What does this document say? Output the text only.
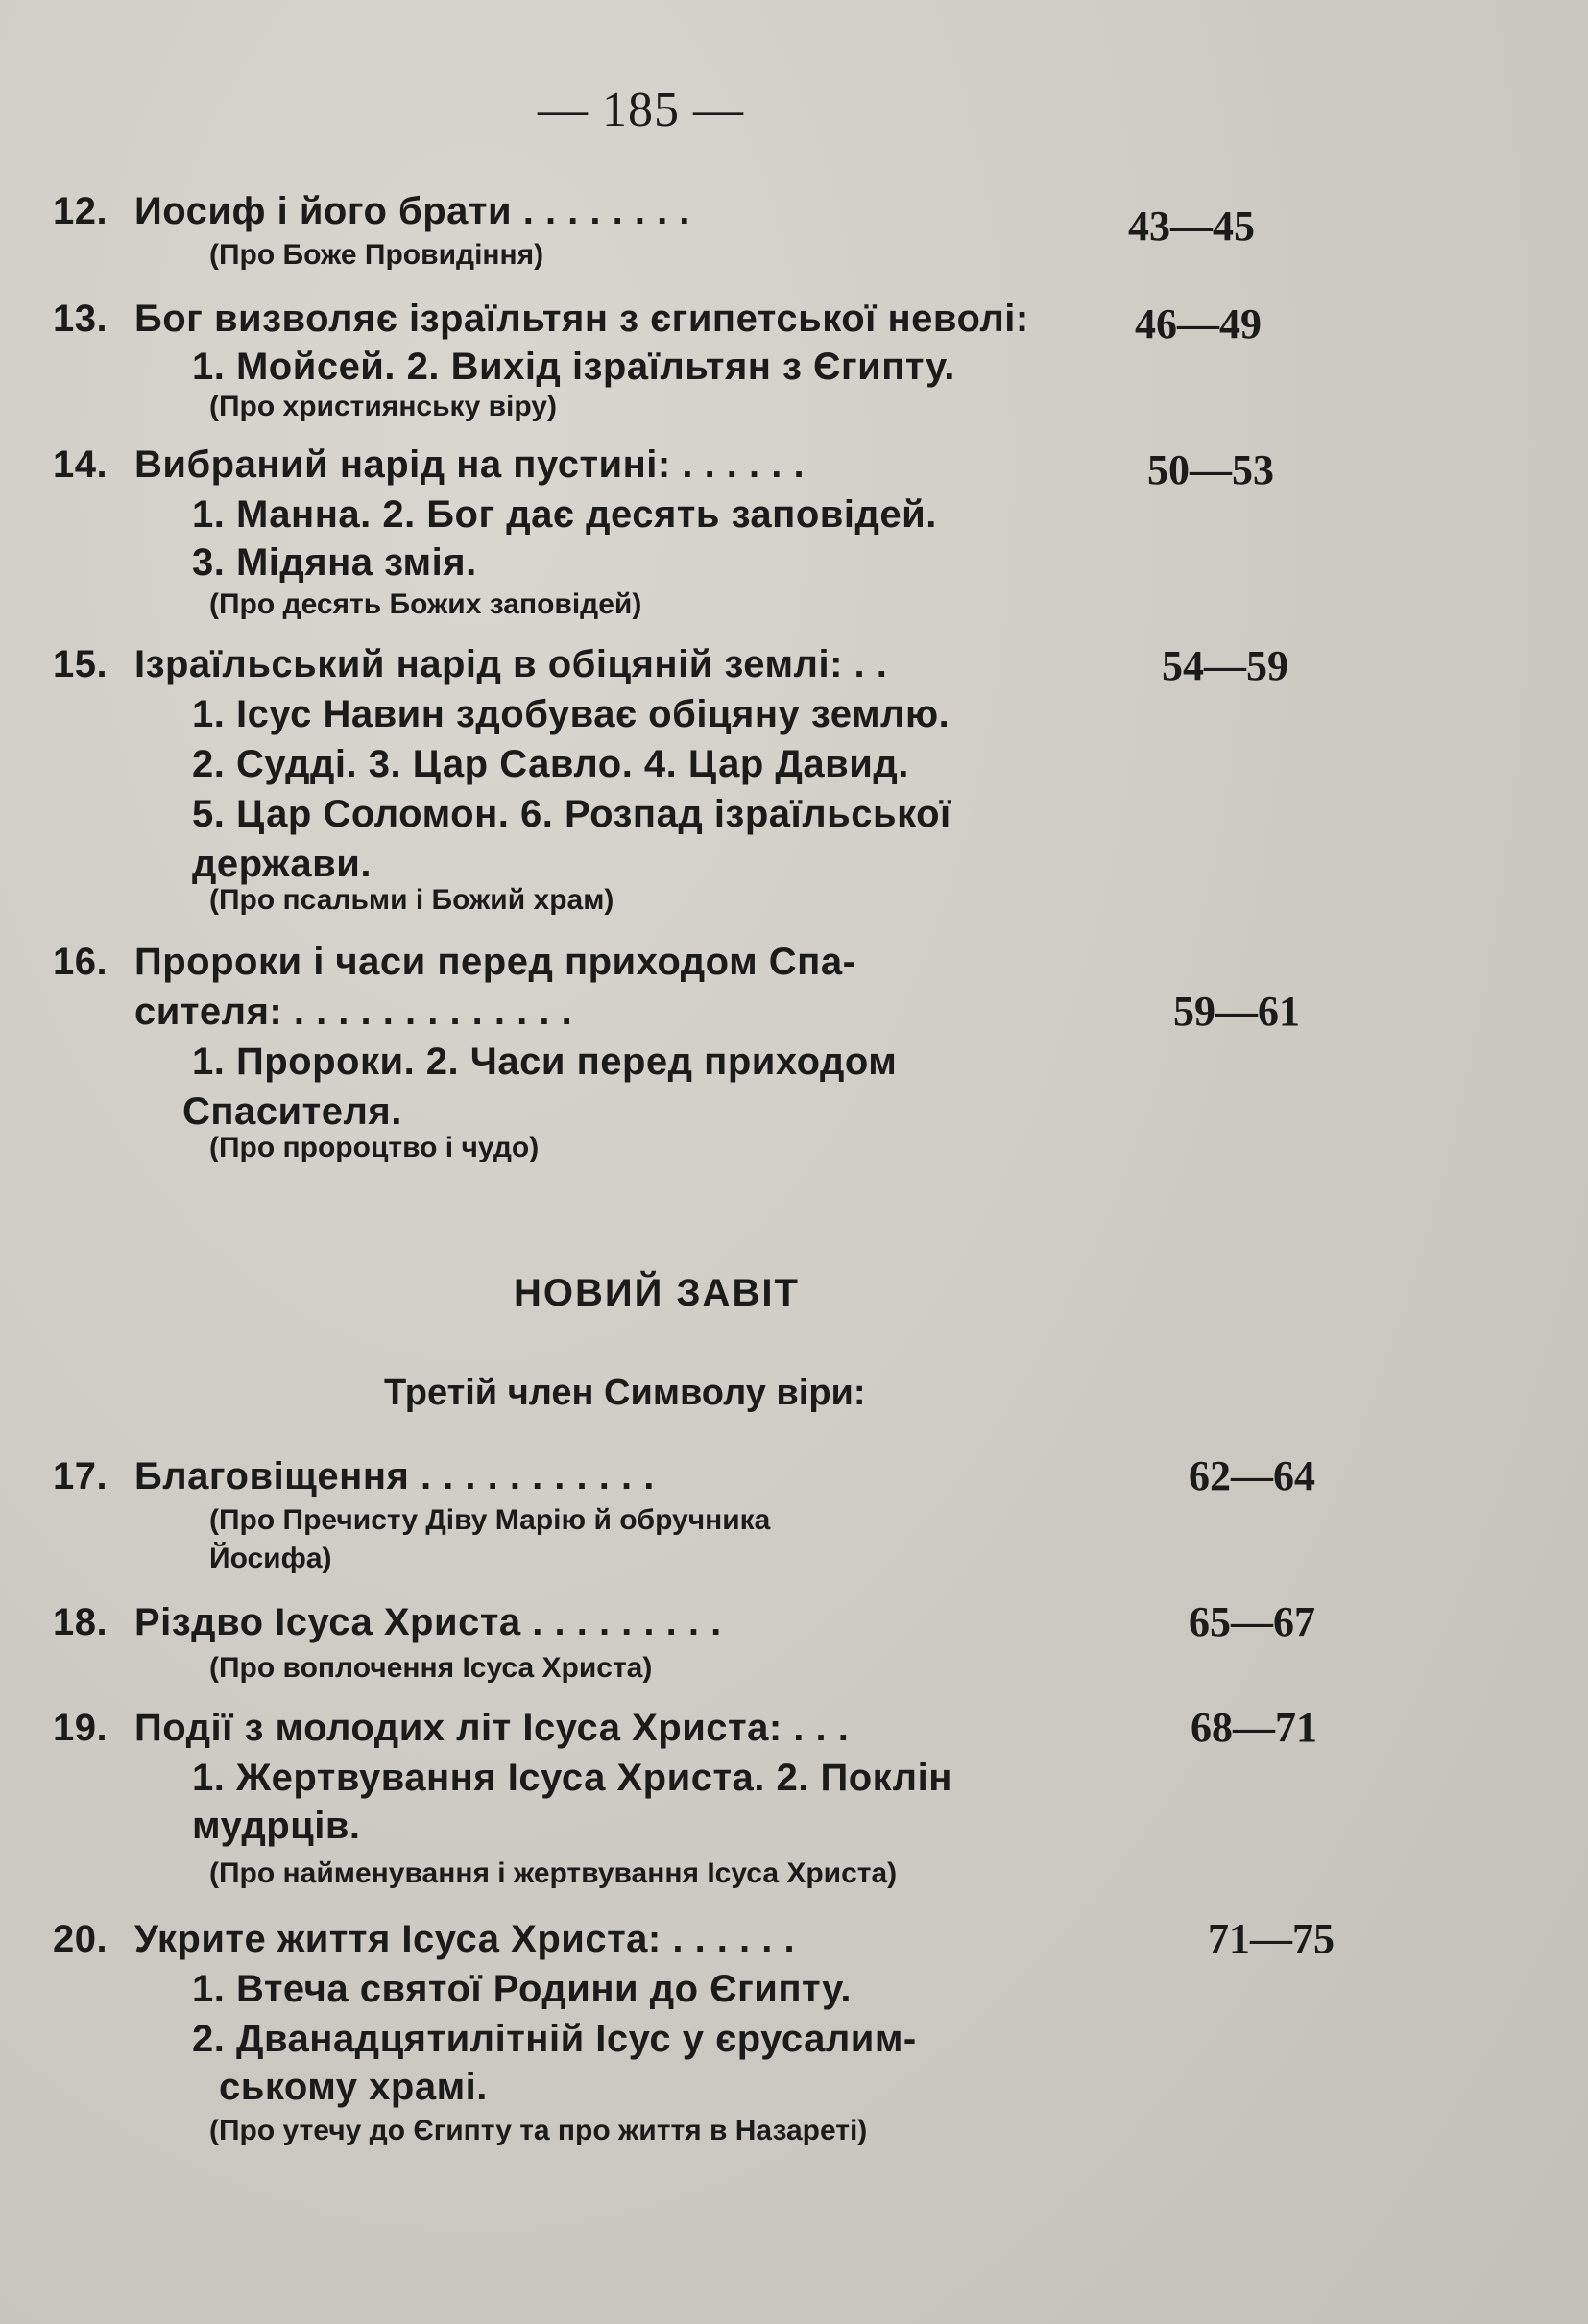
— 185 —
12. Иосиф і його брати . . . . . . . .	43—45
(Про Боже Провидіння)
13. Бог визволяє ізраїльтян з єгипетської неволі:	46—49
1. Мойсей. 2. Вихід ізраїльтян з Єгипту.
(Про християнську віру)
14. Вибраний нарід на пустині: . . . . . .	50—53
1. Манна. 2. Бог дає десять заповідей.
3. Мідяна змія.
(Про десять Божих заповідей)
15. Ізраїльський нарід в обіцяній землі: . .	54—59
1. Ісус Навин здобуває обіцяну землю.
2. Судді. 3. Цар Савло. 4. Цар Давид.
5. Цар Соломон. 6. Розпад ізраїльської
держави.
(Про псальми і Божий храм)
16. Пророки і часи перед приходом Спа-
сителя: . . . . . . . . . . . . .	59—61
1. Пророки. 2. Часи перед приходом
Спасителя.
(Про пророцтво і чудо)
НОВИЙ ЗАВІТ
Третій член Символу віри:
17. Благовіщення . . . . . . . . . . .	62—64
(Про Пречисту Діву Марію й обручника
Йосифа)
18. Різдво Ісуса Христа . . . . . . . . .	65—67
(Про воплочення Ісуса Христа)
19. Події з молодих літ Ісуса Христа: . . .	68—71
1. Жертвування Ісуса Христа. 2. Поклін
мудрців.
(Про найменування і жертвування Ісуса Христа)
20. Укрите життя Ісуса Христа: . . . . . .	71—75
1. Втеча святої Родини до Єгипту.
2. Дванадцятилітній Ісус у єрусалим-
ському храмі.
(Про утечу до Єгипту та про життя в Назареті)
